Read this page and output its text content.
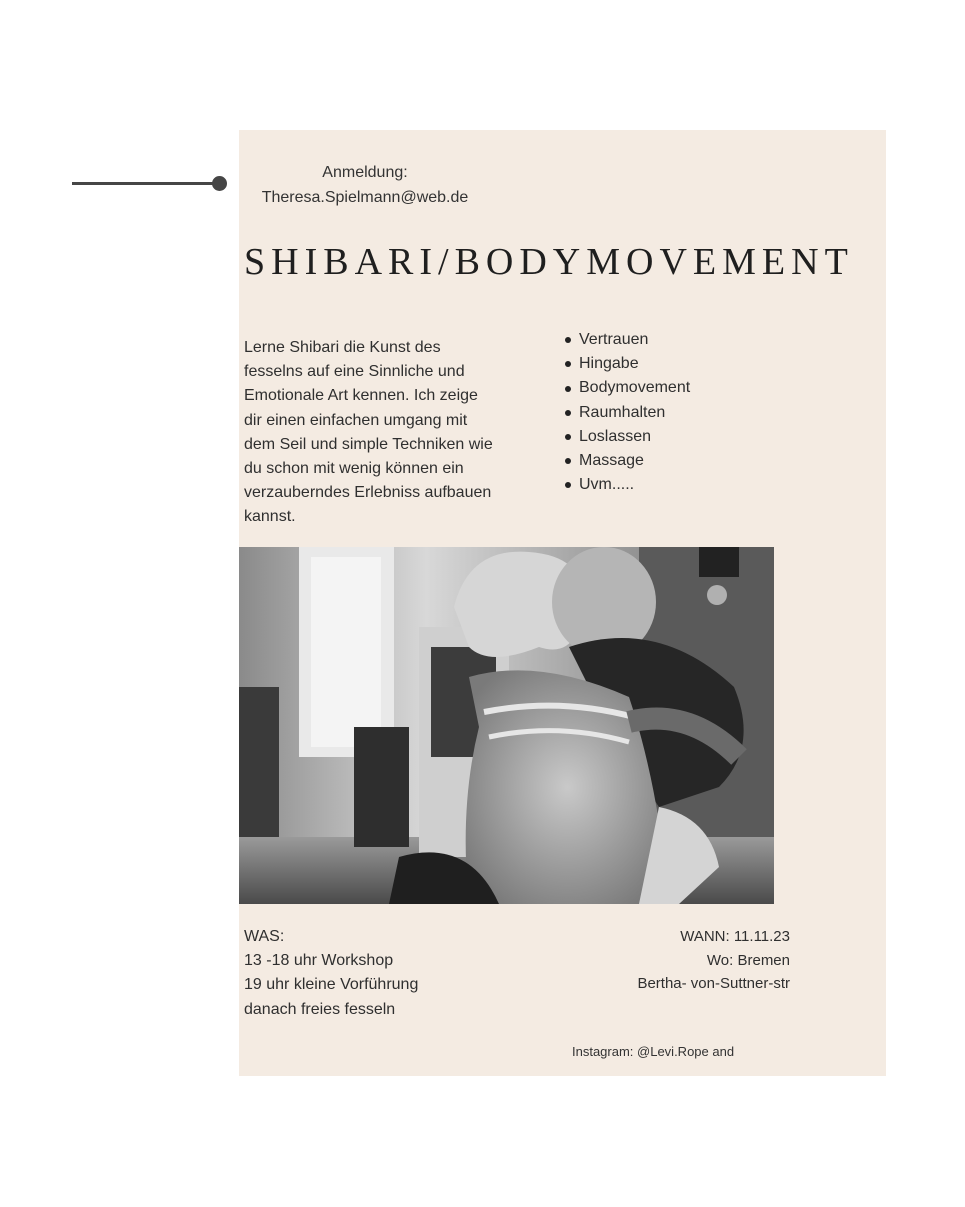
Anmeldung:
Theresa.Spielmann@web.de
SHIBARI/BODYMOVEMENT
Lerne Shibari die Kunst des fesselns auf eine Sinnliche und Emotionale Art kennen. Ich zeige dir einen einfachen umgang mit dem Seil und simple Techniken wie du schon mit wenig können ein verzauberndes Erlebniss aufbauen kannst.
Vertrauen
Hingabe
Bodymovement
Raumhalten
Loslassen
Massage
Uvm.....
WAS:
13 -18 uhr Workshop
19 uhr kleine Vorführung
danach freies fesseln
WANN: 11.11.23
Wo: Bremen
Bertha- von-Suttner-str
Instagram: @Levi.Rope and
